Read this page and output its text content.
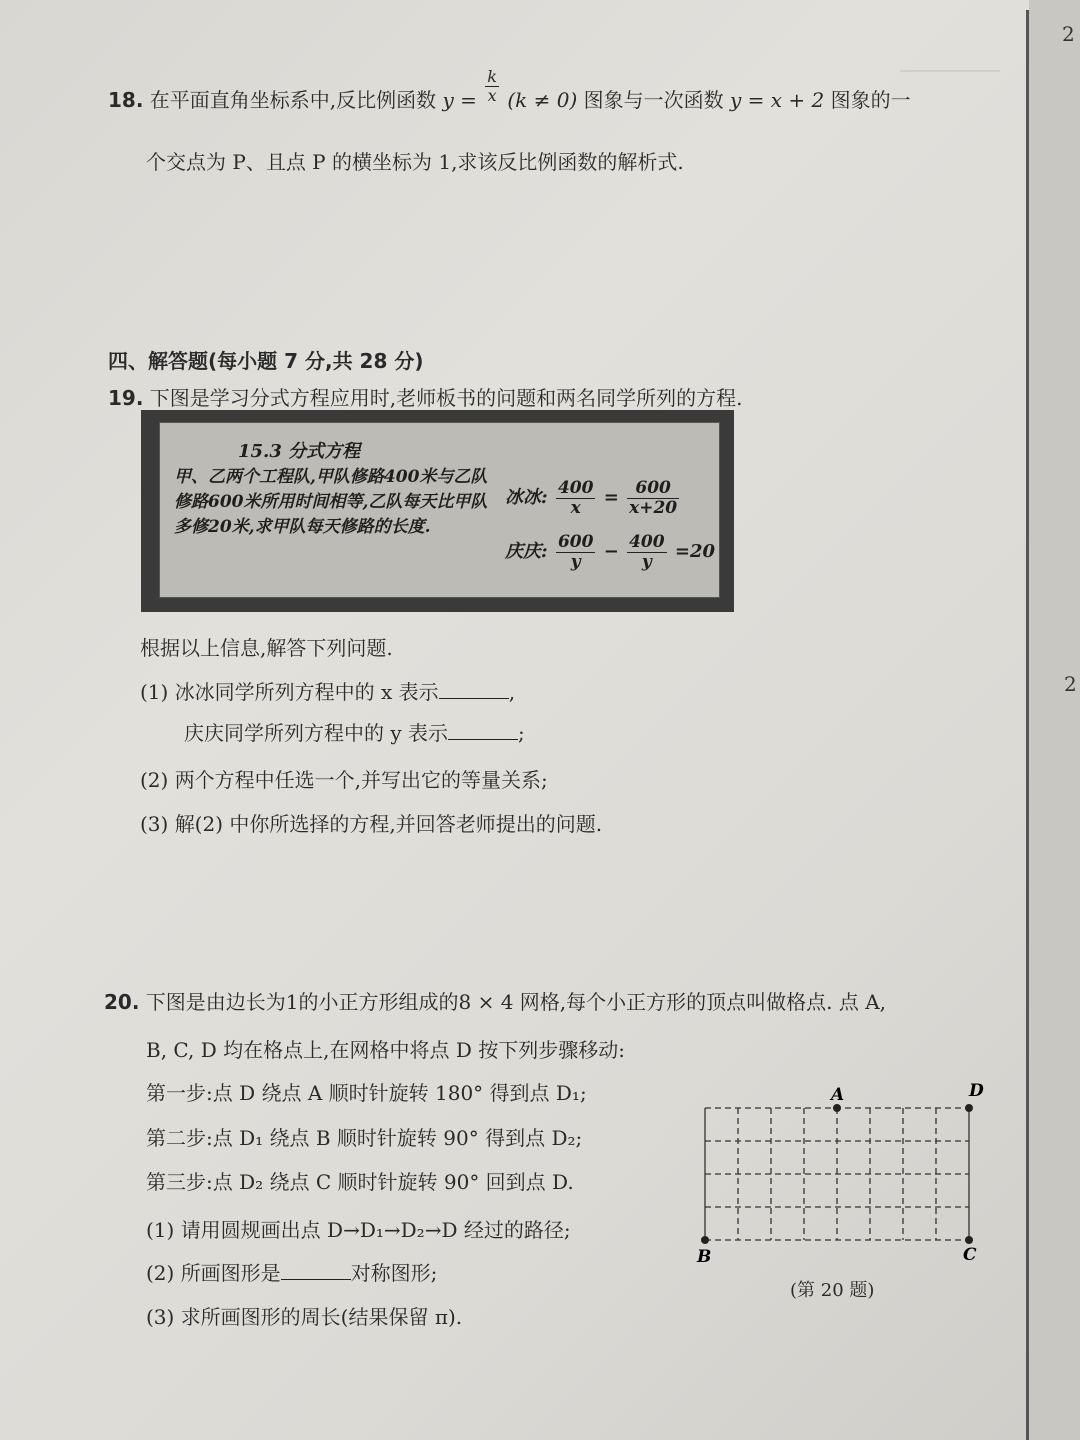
2
2
18. 在平面直角坐标系中,反比例函数 $y = \frac{k}{x} (k \ne 0)$ 图象与一次函数 y = x + 2 图象的一
个交点为 P、且点 P 的横坐标为 1,求该反比例函数的解析式.
四、解答题(每小题 7 分,共 28 分)
19. 下图是学习分式方程应用时,老师板书的问题和两名同学所列的方程.
15.3 分式方程
甲、乙两个工程队,甲队修路400米与乙队修路600米所用时间相等,乙队每天比甲队多修20米,求甲队每天修路的长度.
冰冰: $\frac{400}{x} = \frac{600}{x+20}$
庆庆: $\frac{600}{y} - \frac{400}{y} =20$
根据以上信息,解答下列问题.
(1) 冰冰同学所列方程中的 x 表示	,
庆庆同学所列方程中的 y 表示	;
(2) 两个方程中任选一个,并写出它的等量关系;
(3) 解(2) 中你所选择的方程,并回答老师提出的问题.
20. 下图是由边长为1的小正方形组成的8 × 4 网格,每个小正方形的顶点叫做格点. 点 A,
B, C, D 均在格点上,在网格中将点 D 按下列步骤移动:
第一步:点 D 绕点 A 顺时针旋转 180° 得到点 D₁;
第二步:点 D₁ 绕点 B 顺时针旋转 90° 得到点 D₂;
第三步:点 D₂ 绕点 C 顺时针旋转 90° 回到点 D.
(1) 请用圆规画出点 D→D₁→D₂→D 经过的路径;
(2) 所画图形是	对称图形;
(3) 求所画图形的周长(结果保留 π).
A	D
B	C
(第 20 题)
